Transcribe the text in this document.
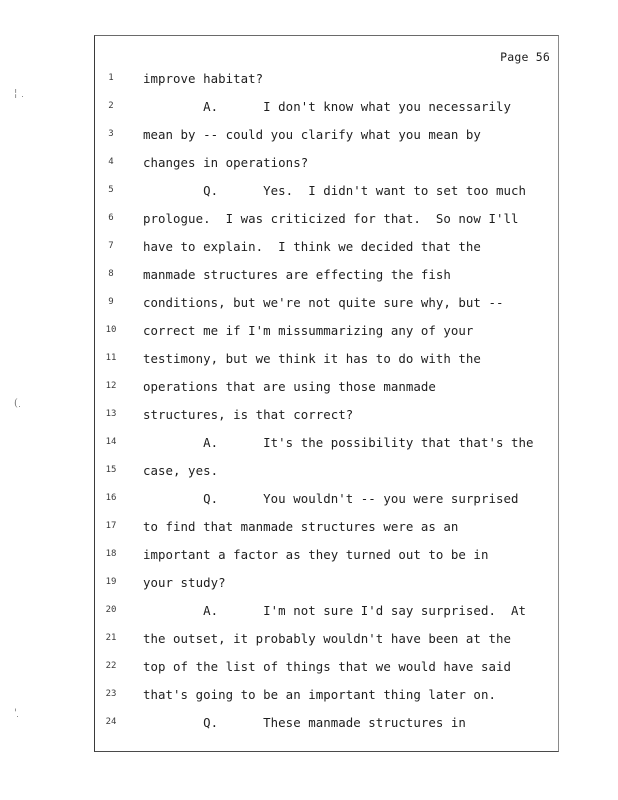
Page 56
1	improve habitat?
2	A.      I don't know what you necessarily
3	mean by -- could you clarify what you mean by
4	changes in operations?
5	Q.      Yes.  I didn't want to set too much
6	prologue.  I was criticized for that.  So now I'll
7	have to explain.  I think we decided that the
8	manmade structures are effecting the fish
9	conditions, but we're not quite sure why, but --
10	correct me if I'm missummarizing any of your
11	testimony, but we think it has to do with the
12	operations that are using those manmade
13	structures, is that correct?
14	A.      It's the possibility that that's the
15	case, yes.
16	Q.      You wouldn't -- you were surprised
17	to find that manmade structures were as an
18	important a factor as they turned out to be in
19	your study?
20	A.      I'm not sure I'd say surprised.  At
21	the outset, it probably wouldn't have been at the
22	top of the list of things that we would have said
23	that's going to be an important thing later on.
24	Q.      These manmade structures in
¦
(
'
